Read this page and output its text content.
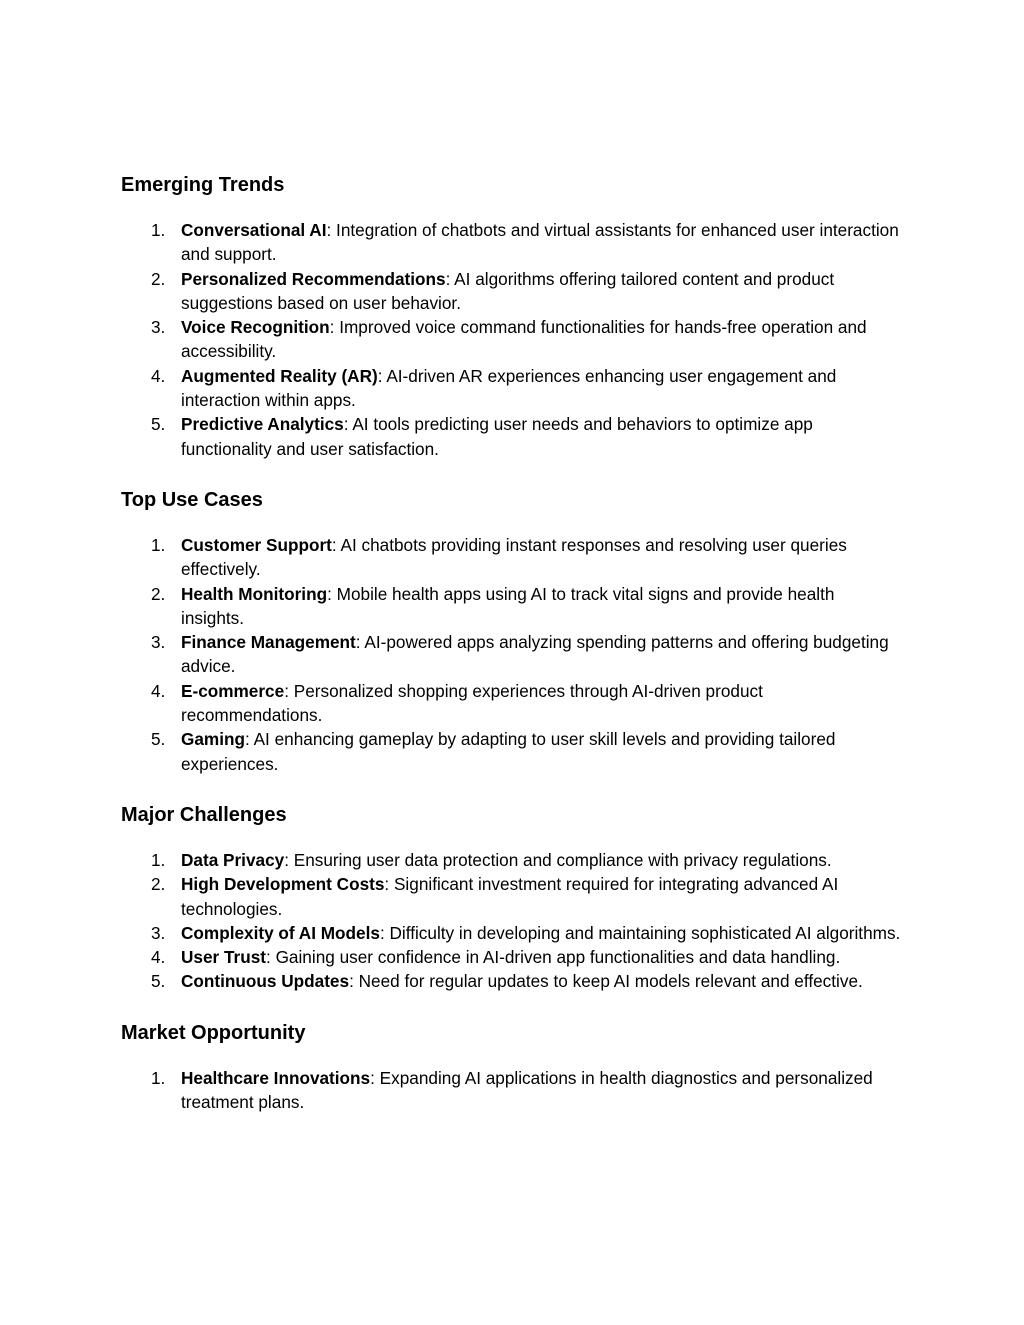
Emerging Trends
1. Conversational AI: Integration of chatbots and virtual assistants for enhanced user interaction and support.
2. Personalized Recommendations: AI algorithms offering tailored content and product suggestions based on user behavior.
3. Voice Recognition: Improved voice command functionalities for hands-free operation and accessibility.
4. Augmented Reality (AR): AI-driven AR experiences enhancing user engagement and interaction within apps.
5. Predictive Analytics: AI tools predicting user needs and behaviors to optimize app functionality and user satisfaction.
Top Use Cases
1. Customer Support: AI chatbots providing instant responses and resolving user queries effectively.
2. Health Monitoring: Mobile health apps using AI to track vital signs and provide health insights.
3. Finance Management: AI-powered apps analyzing spending patterns and offering budgeting advice.
4. E-commerce: Personalized shopping experiences through AI-driven product recommendations.
5. Gaming: AI enhancing gameplay by adapting to user skill levels and providing tailored experiences.
Major Challenges
1. Data Privacy: Ensuring user data protection and compliance with privacy regulations.
2. High Development Costs: Significant investment required for integrating advanced AI technologies.
3. Complexity of AI Models: Difficulty in developing and maintaining sophisticated AI algorithms.
4. User Trust: Gaining user confidence in AI-driven app functionalities and data handling.
5. Continuous Updates: Need for regular updates to keep AI models relevant and effective.
Market Opportunity
1. Healthcare Innovations: Expanding AI applications in health diagnostics and personalized treatment plans.
